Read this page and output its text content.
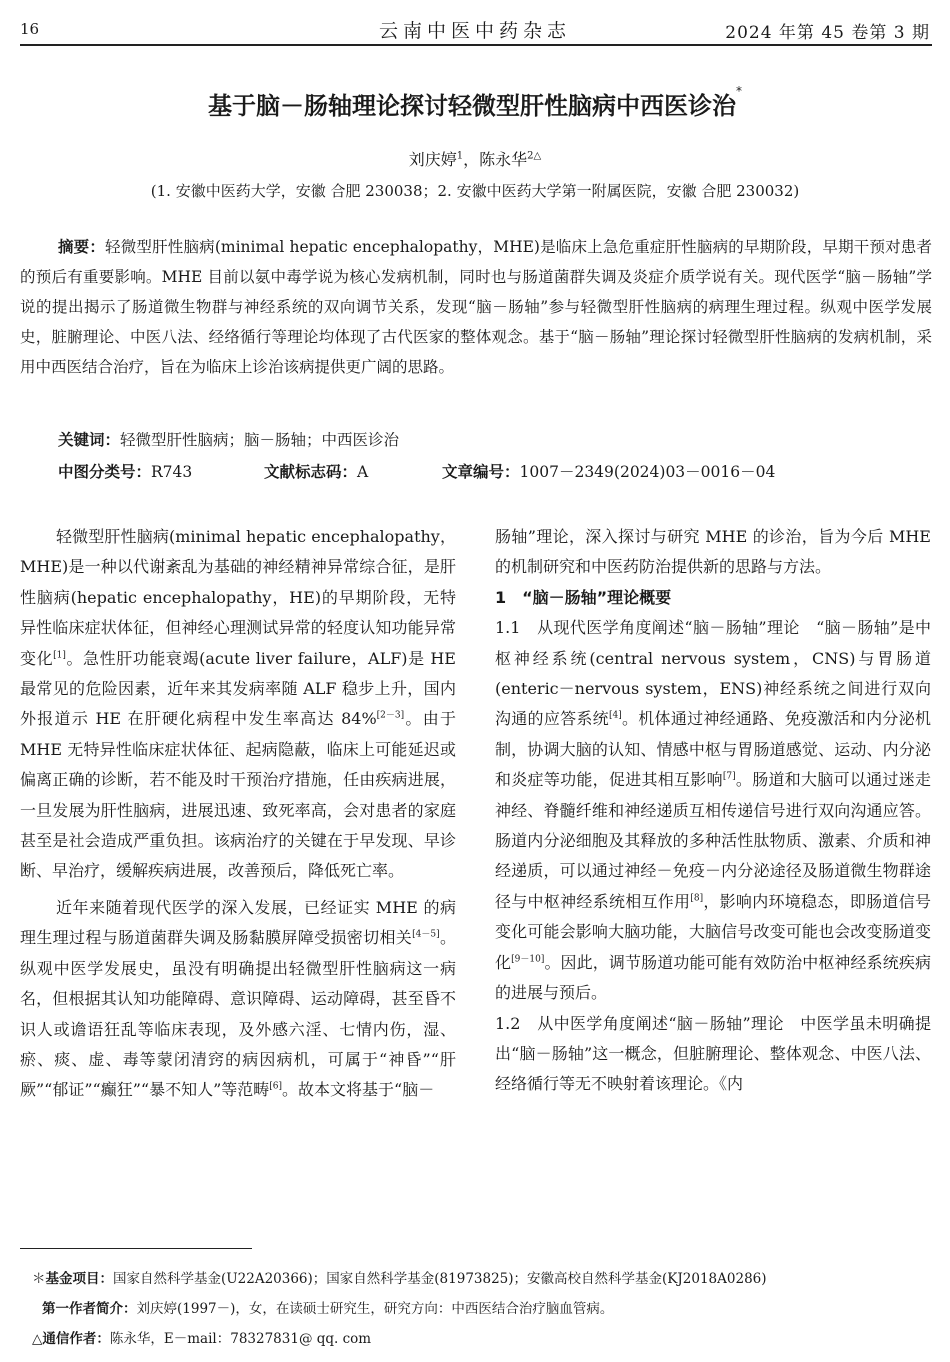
16	云南中医中药杂志	2024 年第 45 卷第 3 期
基于脑－肠轴理论探讨轻微型肝性脑病中西医诊治*
刘庆婷$^1$，陈永华$^{2\triangle}$
(1. 安徽中医药大学，安徽 合肥 230038；2. 安徽中医药大学第一附属医院，安徽 合肥 230032)
摘要：轻微型肝性脑病(minimal hepatic encephalopathy，MHE)是临床上急危重症肝性脑病的早期阶段，早期干预对患者的预后有重要影响。MHE 目前以氨中毒学说为核心发病机制，同时也与肠道菌群失调及炎症介质学说有关。现代医学“脑－肠轴”学说的提出揭示了肠道微生物群与神经系统的双向调节关系，发现“脑－肠轴”参与轻微型肝性脑病的病理生理过程。纵观中医学发展史，脏腑理论、中医八法、经络循行等理论均体现了古代医家的整体观念。基于“脑－肠轴”理论探讨轻微型肝性脑病的发病机制，采用中西医结合治疗，旨在为临床上诊治该病提供更广阔的思路。
关键词：轻微型肝性脑病；脑－肠轴；中西医诊治
中图分类号：R743	文献标志码：A	文章编号：1007－2349(2024)03－0016－04

轻微型肝性脑病(minimal hepatic encephalopathy，MHE)是一种以代谢紊乱为基础的神经精神异常综合征，是肝性脑病(hepatic encephalopathy，HE)的早期阶段，无特异性临床症状体征，但神经心理测试异常的轻度认知功能异常变化[1]。急性肝功能衰竭(acute liver failure，ALF)是 HE 最常见的危险因素，近年来其发病率随 ALF 稳步上升，国内外报道示 HE 在肝硬化病程中发生率高达 84%[2－3]。由于 MHE 无特异性临床症状体征、起病隐蔽，临床上可能延迟或偏离正确的诊断，若不能及时干预治疗措施，任由疾病进展，一旦发展为肝性脑病，进展迅速、致死率高，会对患者的家庭甚至是社会造成严重负担。该病治疗的关键在于早发现、早诊断、早治疗，缓解疾病进展，改善预后，降低死亡率。

近年来随着现代医学的深入发展，已经证实 MHE 的病理生理过程与肠道菌群失调及肠黏膜屏障受损密切相关[4－5]。纵观中医学发展史，虽没有明确提出轻微型肝性脑病这一病名，但根据其认知功能障碍、意识障碍、运动障碍，甚至昏不识人或谵语狂乱等临床表现，及外感六淫、七情内伤，湿、瘀、痰、虚、毒等蒙闭清窍的病因病机，可属于“神昏”“肝厥”“郁证”“癫狂”“暴不知人”等范畴[6]。故本文将基于“脑－

肠轴”理论，深入探讨与研究 MHE 的诊治，旨为今后 MHE 的机制研究和中医药防治提供新的思路与方法。

1　“脑－肠轴”理论概要

1.1　从现代医学角度阐述“脑－肠轴”理论　 “脑－肠轴”是中枢神经系统(central nervous system，CNS)与胃肠道(enteric－nervous system，ENS)神经系统之间进行双向沟通的应答系统[4]。机体通过神经通路、免疫激活和内分泌机制，协调大脑的认知、情感中枢与胃肠道感觉、运动、内分泌和炎症等功能，促进其相互影响[7]。肠道和大脑可以通过迷走神经、脊髓纤维和神经递质互相传递信号进行双向沟通应答。肠道内分泌细胞及其释放的多种活性肽物质、激素、介质和神经递质，可以通过神经－免疫－内分泌途径及肠道微生物群途径与中枢神经系统相互作用[8]，影响内环境稳态，即肠道信号变化可能会影响大脑功能，大脑信号改变可能也会改变肠道变化[9－10]。因此，调节肠道功能可能有效防治中枢神经系统疾病的进展与预后。

1.2　从中医学角度阐述“脑－肠轴”理论　 中医学虽未明确提出“脑－肠轴”这一概念，但脏腑理论、整体观念、中医八法、经络循行等无不映射着该理论。《内

＊基金项目：国家自然科学基金(U22A20366)；国家自然科学基金(81973825)；安徽高校自然科学基金(KJ2018A0286)
第一作者简介：刘庆婷(1997－)，女，在读硕士研究生，研究方向：中西医结合治疗脑血管病。
△通信作者：陈永华，E－mail：78327831@ qq. com
